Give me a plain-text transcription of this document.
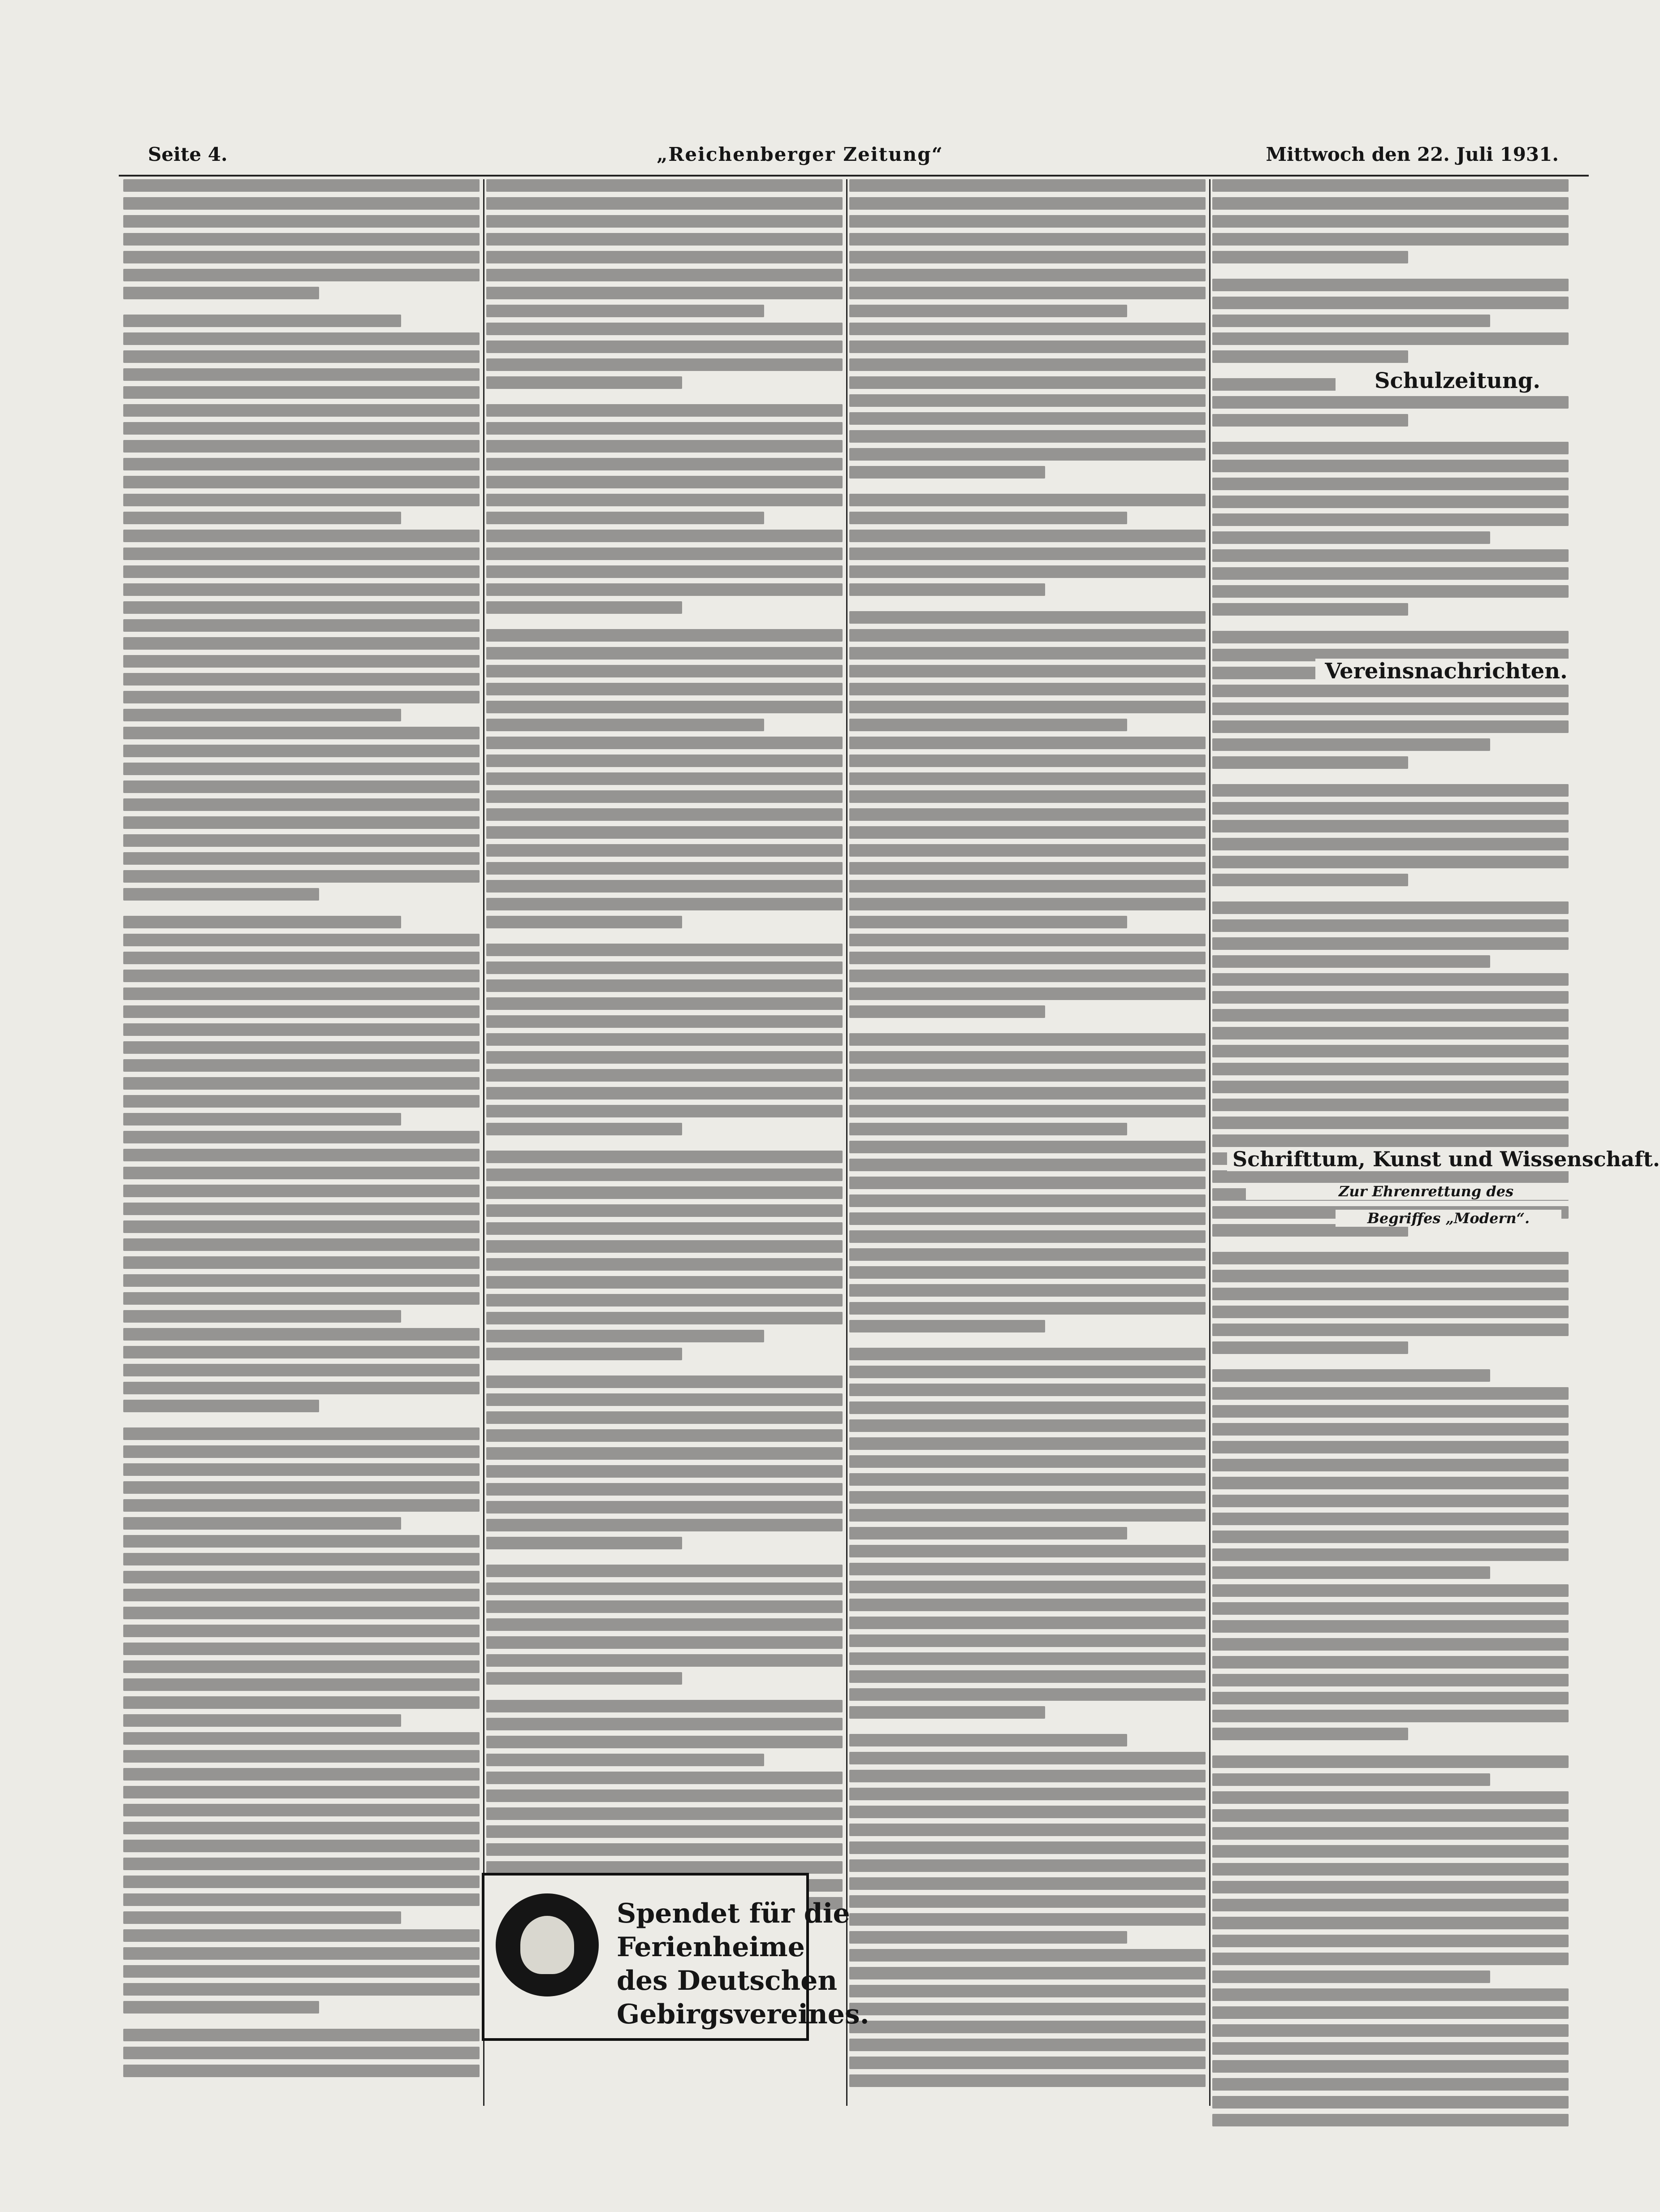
Seite 4.	„Reichenberger Zeitung“	Mittwoch den 22. Juli 1931.
Schulzeitung.
Vereinsnachrichten.
Schrifttum, Kunst und Wissenschaft.
Zur Ehrenrettung des
Begriffes „Modern“.
Spendet für die
Ferienheime
des Deutschen
Gebirgsvereines.
